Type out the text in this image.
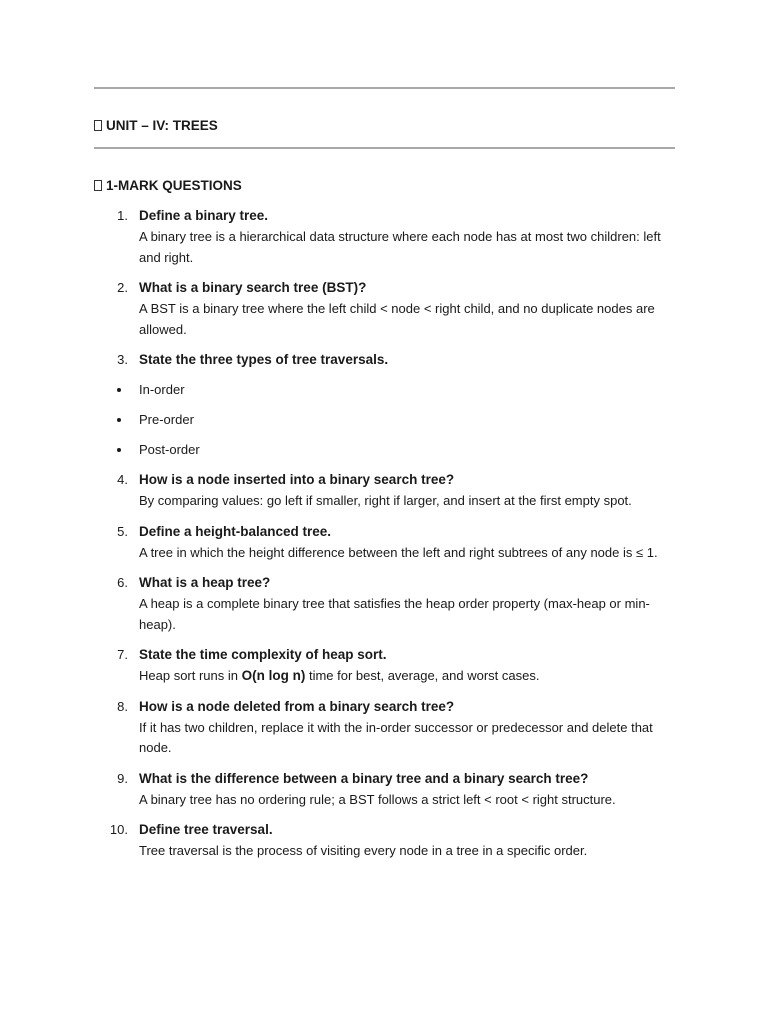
UNIT – IV: TREES
1-MARK QUESTIONS
1. Define a binary tree.
A binary tree is a hierarchical data structure where each node has at most two children: left and right.
2. What is a binary search tree (BST)?
A BST is a binary tree where the left child < node < right child, and no duplicate nodes are allowed.
3. State the three types of tree traversals.
In-order
Pre-order
Post-order
4. How is a node inserted into a binary search tree?
By comparing values: go left if smaller, right if larger, and insert at the first empty spot.
5. Define a height-balanced tree.
A tree in which the height difference between the left and right subtrees of any node is ≤ 1.
6. What is a heap tree?
A heap is a complete binary tree that satisfies the heap order property (max-heap or min-heap).
7. State the time complexity of heap sort.
Heap sort runs in O(n log n) time for best, average, and worst cases.
8. How is a node deleted from a binary search tree?
If it has two children, replace it with the in-order successor or predecessor and delete that node.
9. What is the difference between a binary tree and a binary search tree?
A binary tree has no ordering rule; a BST follows a strict left < root < right structure.
10. Define tree traversal.
Tree traversal is the process of visiting every node in a tree in a specific order.
